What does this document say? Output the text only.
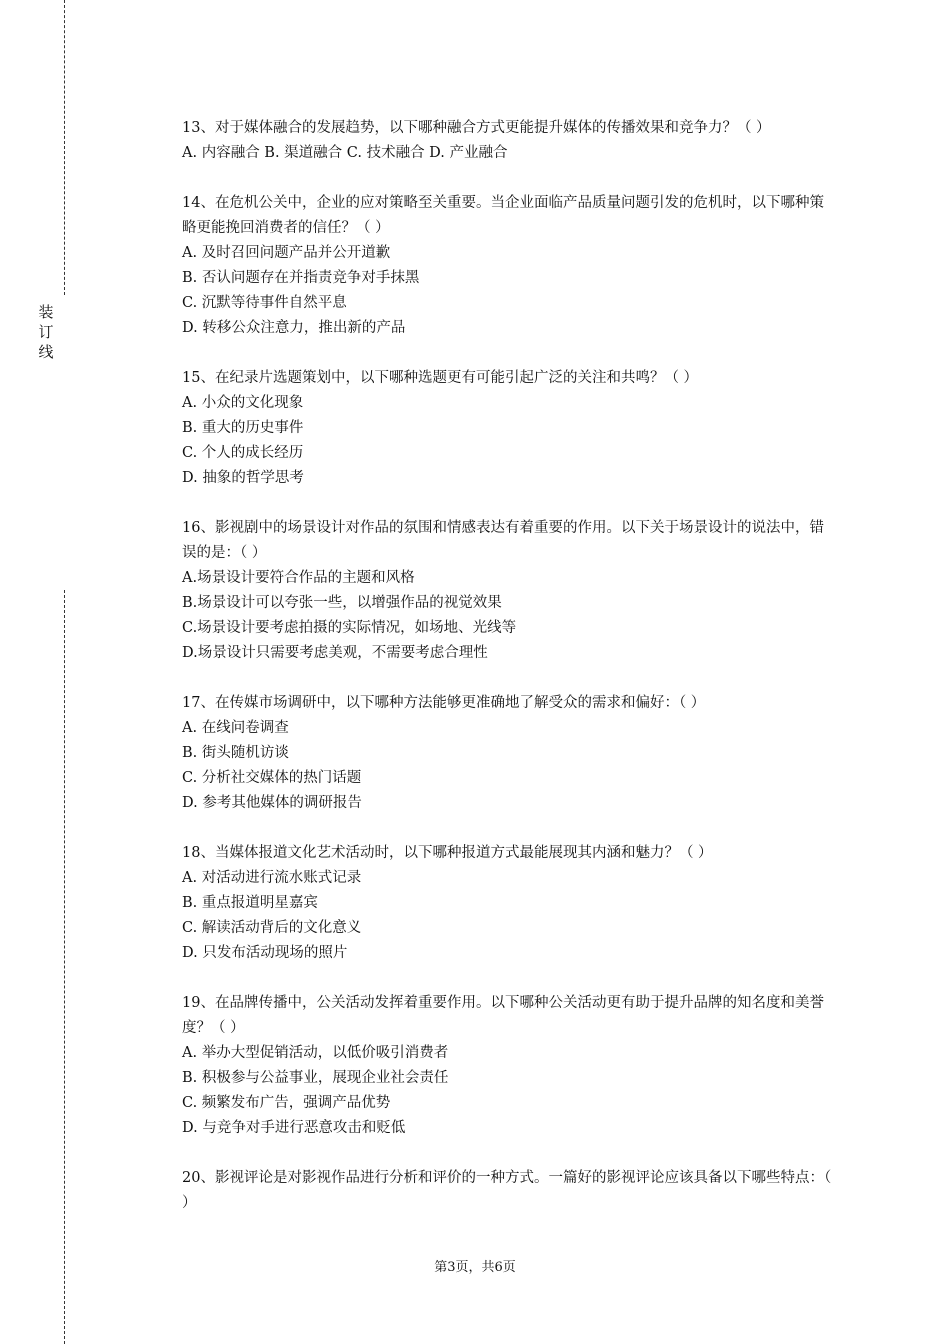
装
订
线

13、对于媒体融合的发展趋势，以下哪种融合方式更能提升媒体的传播效果和竞争力？（ ）

A. 内容融合 B. 渠道融合 C. 技术融合 D. 产业融合

14、在危机公关中，企业的应对策略至关重要。当企业面临产品质量问题引发的危机时，以下哪种策略更能挽回消费者的信任？（ ）

A. 及时召回问题产品并公开道歉

B. 否认问题存在并指责竞争对手抹黑

C. 沉默等待事件自然平息

D. 转移公众注意力，推出新的产品

15、在纪录片选题策划中，以下哪种选题更有可能引起广泛的关注和共鸣？（ ）

A. 小众的文化现象

B. 重大的历史事件

C. 个人的成长经历

D. 抽象的哲学思考

16、影视剧中的场景设计对作品的氛围和情感表达有着重要的作用。以下关于场景设计的说法中，错误的是：（ ）

A.场景设计要符合作品的主题和风格

B.场景设计可以夸张一些，以增强作品的视觉效果

C.场景设计要考虑拍摄的实际情况，如场地、光线等

D.场景设计只需要考虑美观，不需要考虑合理性

17、在传媒市场调研中，以下哪种方法能够更准确地了解受众的需求和偏好：（ ）

A. 在线问卷调查

B. 街头随机访谈

C. 分析社交媒体的热门话题

D. 参考其他媒体的调研报告

18、当媒体报道文化艺术活动时，以下哪种报道方式最能展现其内涵和魅力？（ ）

A. 对活动进行流水账式记录

B. 重点报道明星嘉宾

C. 解读活动背后的文化意义

D. 只发布活动现场的照片

19、在品牌传播中，公关活动发挥着重要作用。以下哪种公关活动更有助于提升品牌的知名度和美誉度？（ ）

A. 举办大型促销活动，以低价吸引消费者

B. 积极参与公益事业，展现企业社会责任

C. 频繁发布广告，强调产品优势

D. 与竞争对手进行恶意攻击和贬低

20、影视评论是对影视作品进行分析和评价的一种方式。一篇好的影视评论应该具备以下哪些特点：（ ）

第3页，共6页
